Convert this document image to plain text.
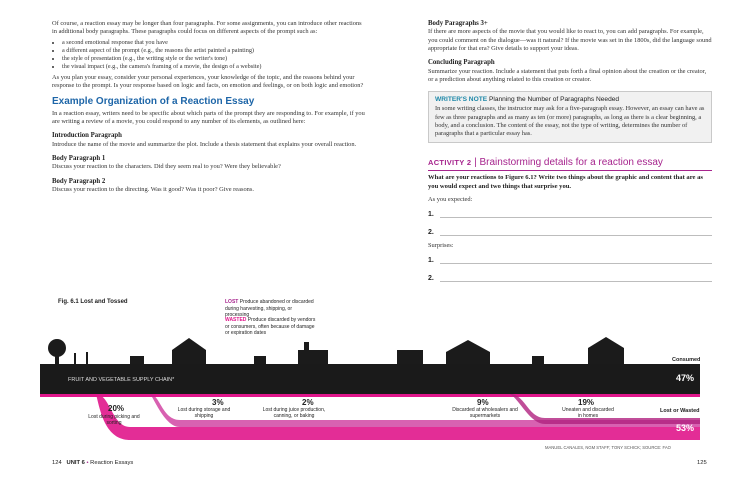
Of course, a reaction essay may be longer than four paragraphs. For some assignments, you can introduce other reactions in additional body paragraphs. These paragraphs could focus on different aspects of the prompt such as:

• a second emotional response that you have
• a different aspect of the prompt (e.g., the reasons the artist painted a painting)
• the style of presentation (e.g., the writing style or the writer's tone)
• the visual impact (e.g., the camera's framing of a movie, the design of a website)

As you plan your essay, consider your personal experiences, your knowledge of the topic, and the reasons behind your response to the prompt. Is your response based on logic and facts, on emotion and feelings, or on both logic and emotion?

Example Organization of a Reaction Essay

In a reaction essay, writers need to be specific about which parts of the prompt they are responding to. For example, if you are writing a review of a movie, you could respond to any number of its elements, as outlined here:

Introduction Paragraph

Introduce the name of the movie and summarize the plot. Include a thesis statement that explains your overall reaction.

Body Paragraph 1

Discuss your reaction to the characters. Did they seem real to you? Were they believable?

Body Paragraph 2

Discuss your reaction to the directing. Was it good? Was it poor? Give reasons.

Body Paragraphs 3+

If there are more aspects of the movie that you would like to react to, you can add paragraphs. For example, you could comment on the dialogue—was it natural? If the movie was set in the 1800s, did the language sound appropriate for that era? Give details to support your ideas.

Concluding Paragraph

Summarize your reaction. Include a statement that puts forth a final opinion about the creation or the creator, or a prediction about anything related to this creation or creator.

WRITER'S NOTE Planning the Number of Paragraphs Needed

In some writing classes, the instructor may ask for a five-paragraph essay. However, an essay can have as few as three paragraphs and as many as ten (or more) paragraphs, as long as there is a clear beginning, a body, and a conclusion. The content of the essay, not the type of writing, determines the number of paragraphs that a particular essay has.

ACTIVITY 2 | Brainstorming details for a reaction essay

What are your reactions to Figure 6.1? Write two things about the graphic and content that are as you would expect and two things that surprise you.

As you expected:

1.
2.

Surprises:

1.
2.
Fig. 6.1 Lost and Tossed	LOST Produce abandoned or discarded during harvesting, shipping, or processing
WASTED Produce discarded by vendors or consumers, often because of damage or expiration dates
FRUIT AND VEGETABLE SUPPLY CHAIN*
Consumed
47%
Lost or Wasted
53%
20%
Lost during picking and sorting
3%
Lost during storage and shipping
2%
Lost during juice production, canning, or baking
9%
Discarded at wholesalers and supermarkets
19%
Uneaten and discarded in homes
MANUEL CANALES, NGM STAFF; TONY SCHICK; SOURCE: FAO
124 UNIT 6 • Reaction Essays	125
